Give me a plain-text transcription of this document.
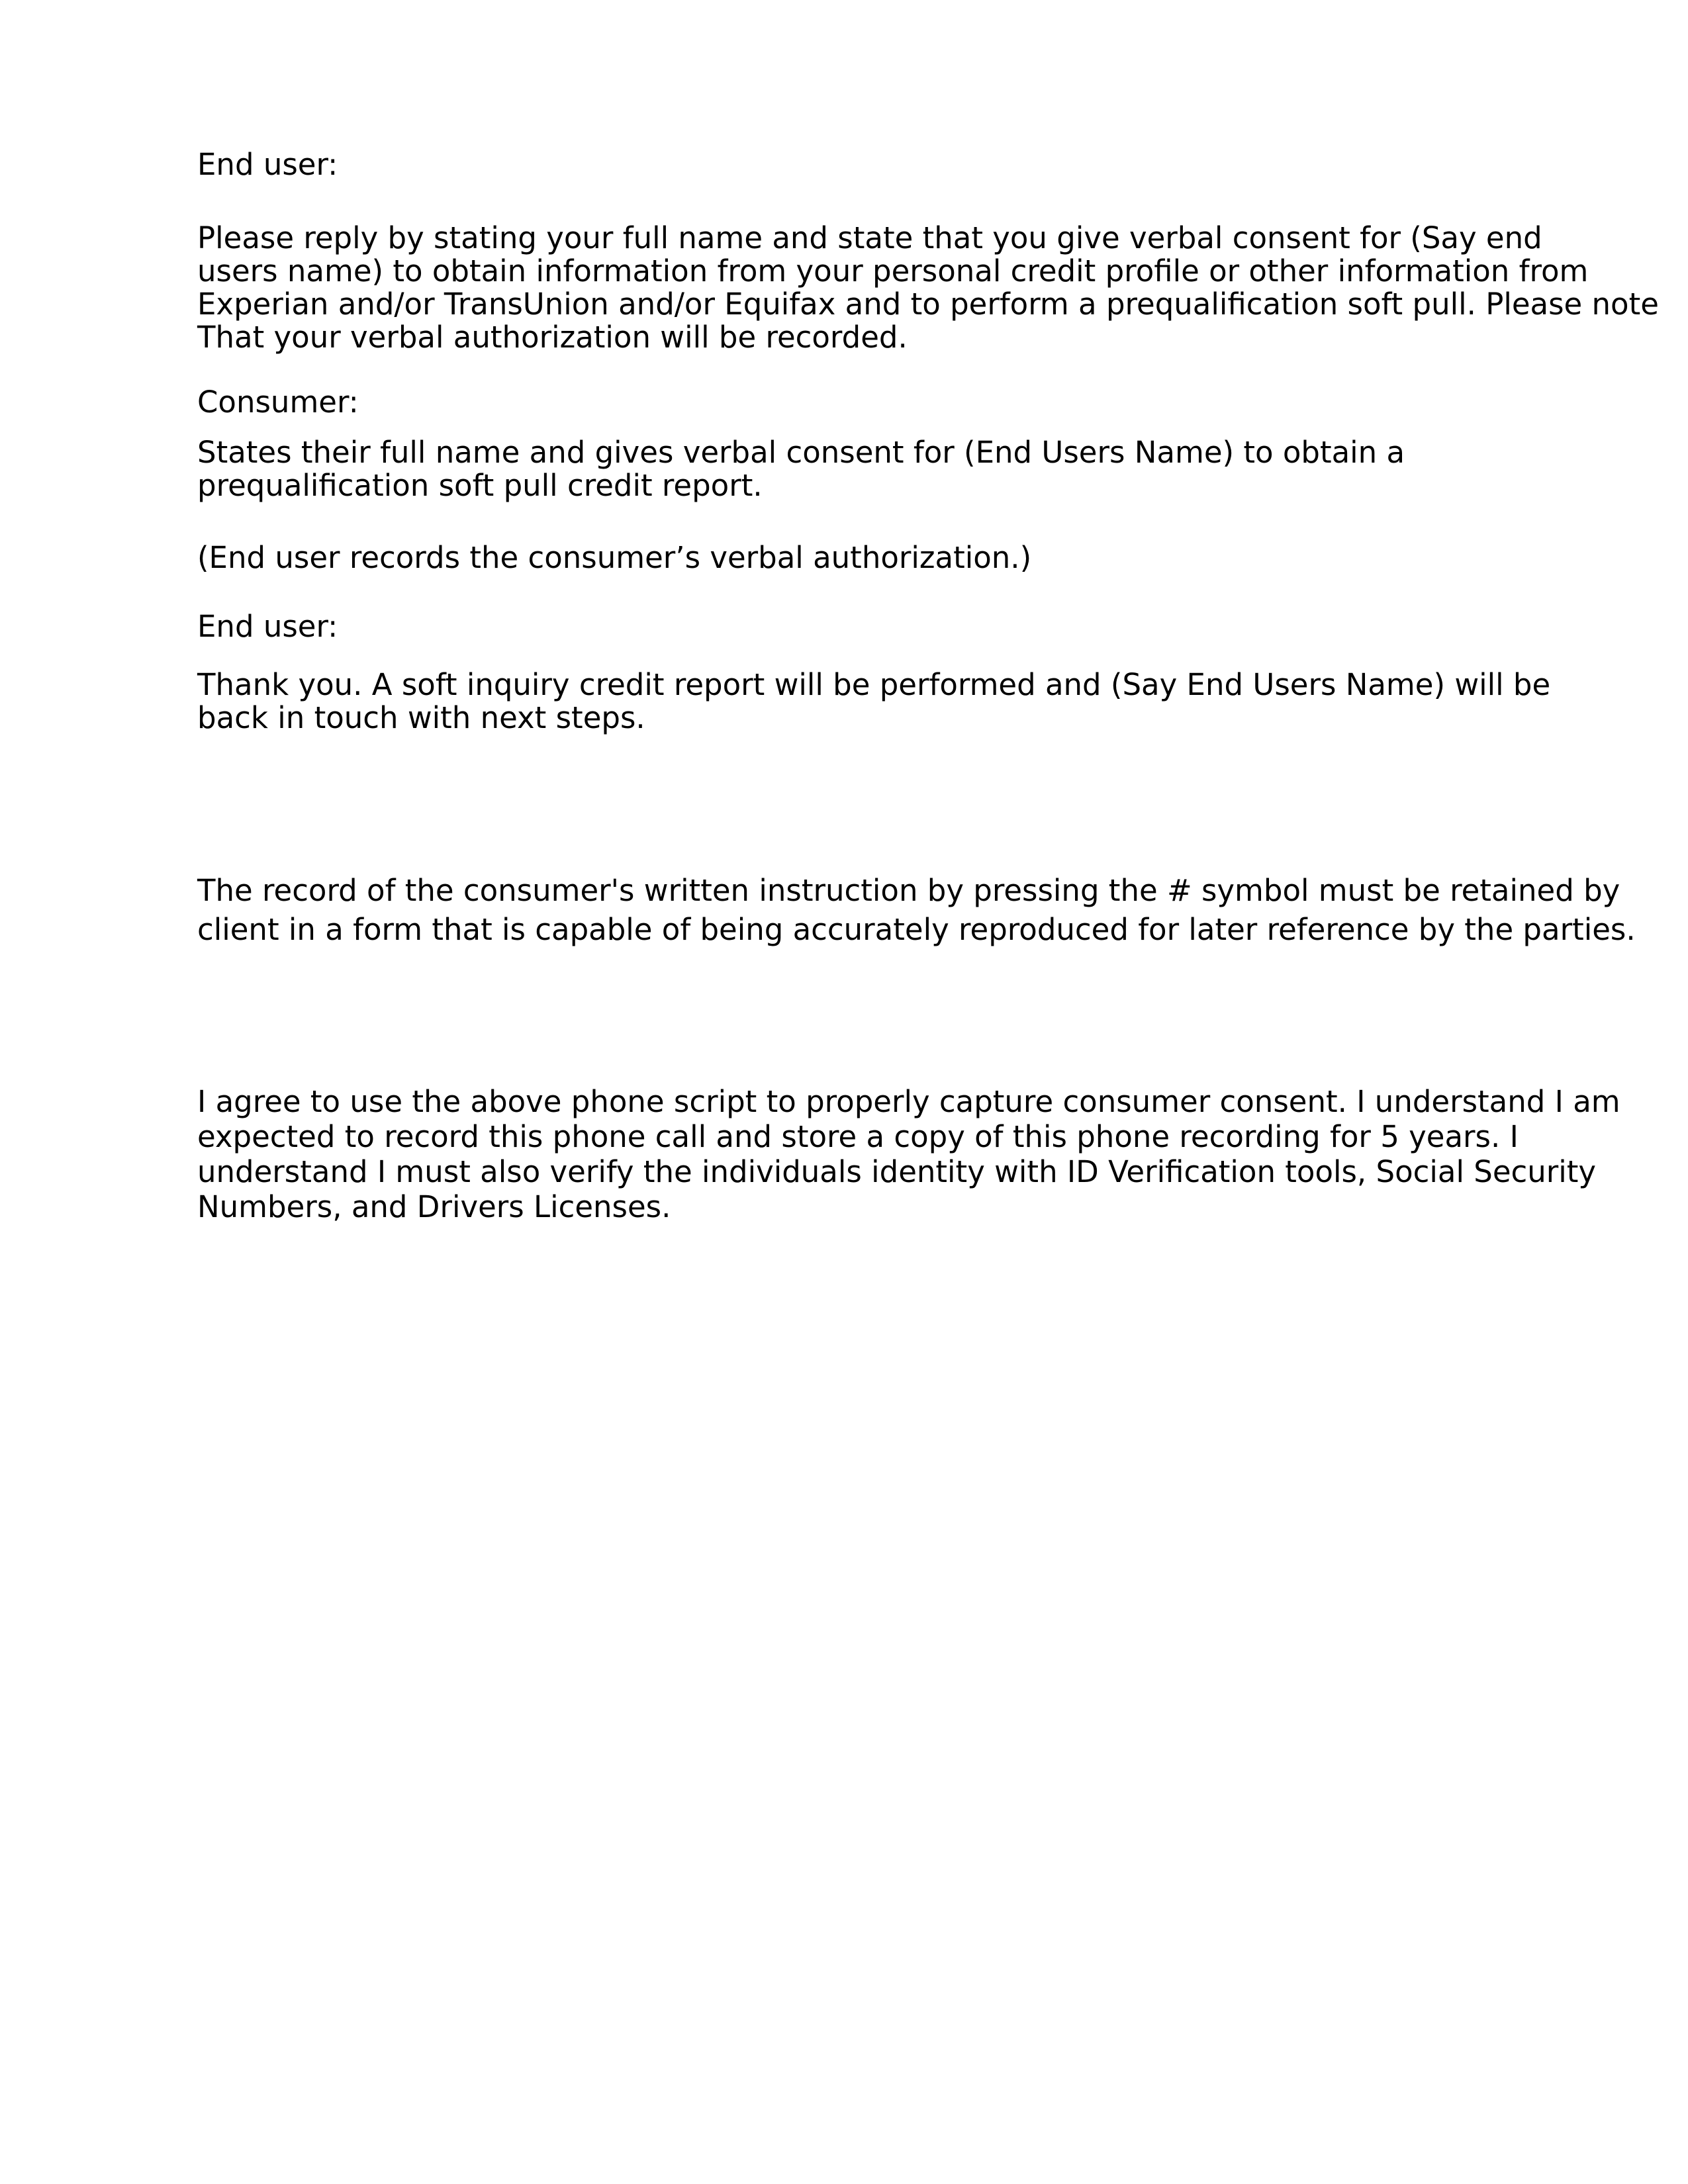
End user:

Please reply by stating your full name and state that you give verbal consent for (Say end
users name) to obtain information from your personal credit profile or other information from
Experian and/or TransUnion and/or Equifax and to perform a prequalification soft pull. Please note
That your verbal authorization will be recorded.

Consumer:

States their full name and gives verbal consent for (End Users Name) to obtain a
prequalification soft pull credit report.

(End user records the consumer’s verbal authorization.)

End user:

Thank you. A soft inquiry credit report will be performed and (Say End Users Name) will be
back in touch with next steps.

The record of the consumer's written instruction by pressing the # symbol must be retained by
client in a form that is capable of being accurately reproduced for later reference by the parties.

I agree to use the above phone script to properly capture consumer consent. I understand I am
expected to record this phone call and store a copy of this phone recording for 5 years. I
understand I must also verify the individuals identity with ID Verification tools, Social Security
Numbers, and Drivers Licenses.
